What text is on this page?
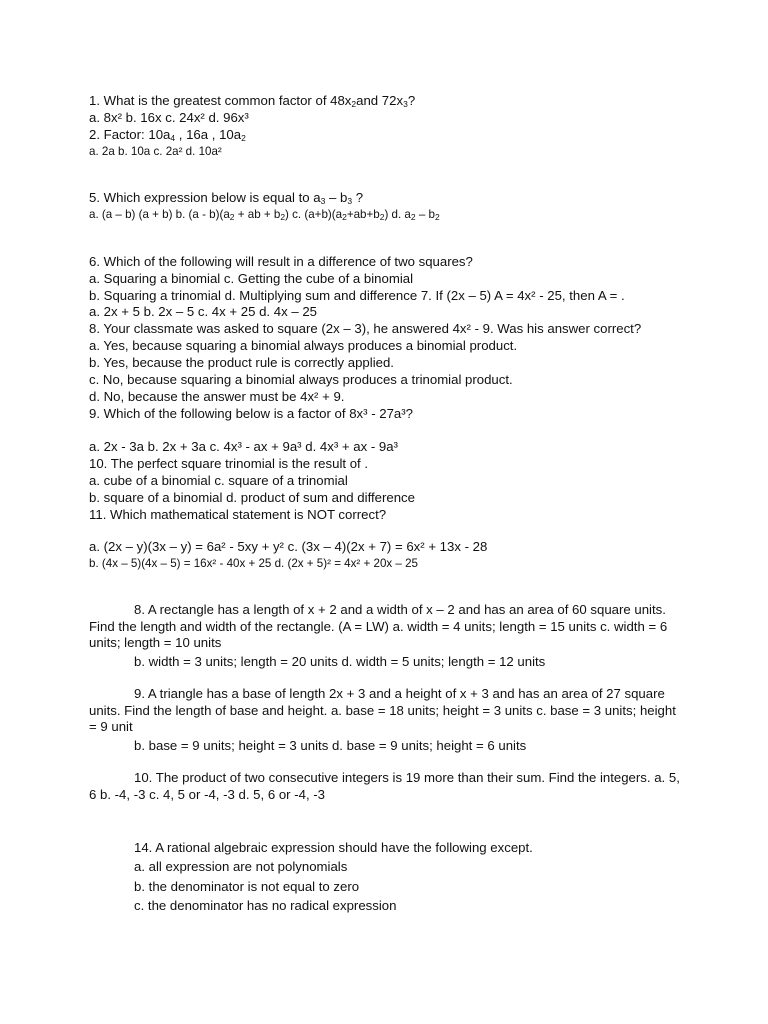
1. What is the greatest common factor of $48x_2and$ $72x_3$?
a. 8x² b. 16x c. 24x² d. 96x³
2. Factor: $10a_4$ , 16a , $10a_2$
a. 2a b. 10a c. 2a² d. 10a²
5. Which expression below is equal to $a_3 - b_3$ ?
a. (a – b) (a + b) b. $(a - b)(a_2$ + ab + $b_2$) c. $(a+b)(a_2+ab+b_2)$ d. $a_2 - b_2$
6. Which of the following will result in a difference of two squares?
a. Squaring a binomial c. Getting the cube of a binomial
b. Squaring a trinomial d. Multiplying sum and difference 7. If (2x – 5) A = 4x² - 25, then A = .
a. 2x + 5 b. 2x – 5 c. 4x + 25 d. 4x – 25
8. Your classmate was asked to square (2x – 3), he answered 4x² - 9. Was his answer correct?
a. Yes, because squaring a binomial always produces a binomial product.
b. Yes, because the product rule is correctly applied.
c. No, because squaring a binomial always produces a trinomial product.
d. No, because the answer must be 4x² + 9.
9. Which of the following below is a factor of 8x³ - 27a³?
a. 2x - 3a b. 2x + 3a c. 4x³ - ax + 9a³ d. 4x³ + ax - 9a³
10. The perfect square trinomial is the result of .
a. cube of a binomial c. square of a trinomial
b. square of a binomial d. product of sum and difference
11. Which mathematical statement is NOT correct?
a. (2x – y)(3x – y) = 6a² - 5xy + y² c. (3x – 4)(2x + 7) = 6x² + 13x - 28
b. (4x – 5)(4x – 5) = 16x² - 40x + 25 d. (2x + 5)² = 4x² + 20x – 25
8. A rectangle has a length of x + 2 and a width of x – 2 and has an area of 60 square units. Find the length and width of the rectangle. (A = LW) a. width = 4 units; length = 15 units c. width = 6 units; length = 10 units
b. width = 3 units; length = 20 units d. width = 5 units; length = 12 units
9. A triangle has a base of length 2x + 3 and a height of x + 3 and has an area of 27 square units. Find the length of base and height. a. base = 18 units; height = 3 units c. base = 3 units; height = 9 unit
b. base = 9 units; height = 3 units d. base = 9 units; height = 6 units
10. The product of two consecutive integers is 19 more than their sum. Find the integers. a. 5, 6 b. -4, -3 c. 4, 5 or -4, -3 d. 5, 6 or -4, -3
14. A rational algebraic expression should have the following except.
a. all expression are not polynomials
b. the denominator is not equal to zero
c. the denominator has no radical expression
